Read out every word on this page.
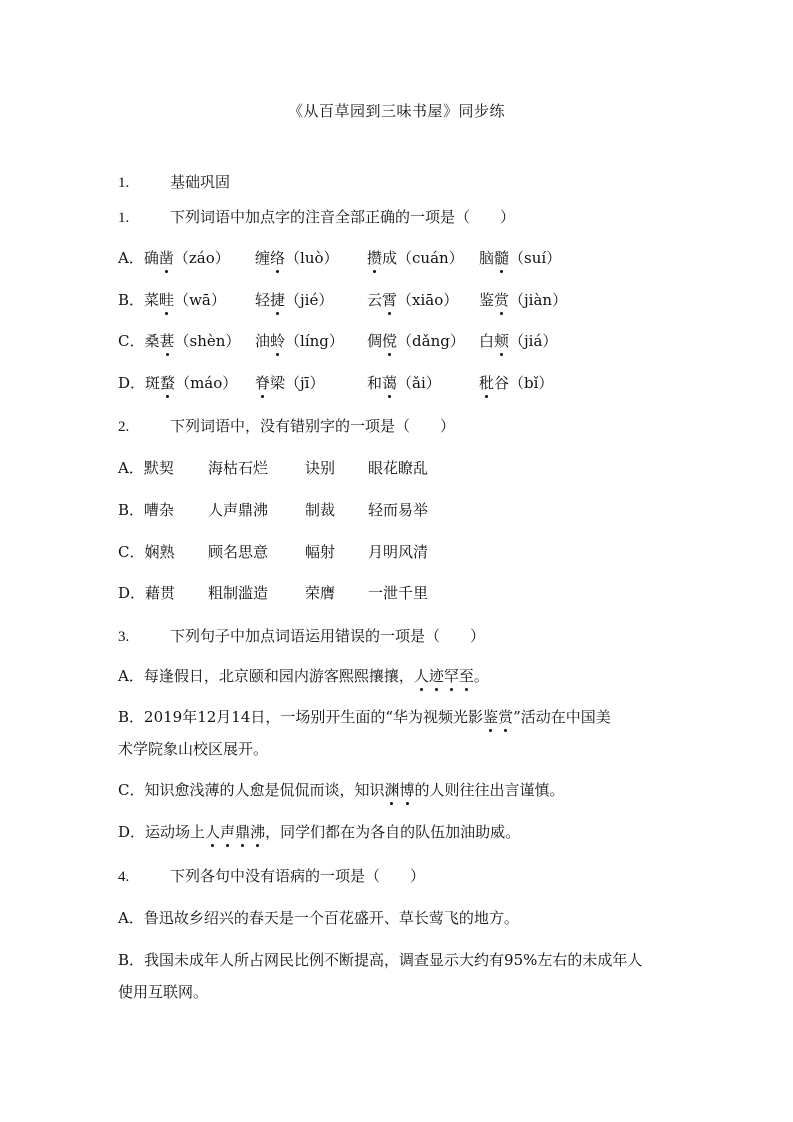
《从百草园到三味书屋》同步练
1.	基础巩固
1.	下列词语中加点字的注音全部正确的一项是（　　）
A．确凿（záo） 缠络（luò） 攒成（cuán） 脑髓（suí）
B．菜畦（wā） 轻捷（jié） 云霄（xiāo） 鉴赏（jiàn）
C．桑葚（shèn） 油蛉（líng） 倜傥（dǎng） 白颊（jiá）
D．斑蝥（máo） 脊梁（jī）	和蔼（ǎi）	秕谷（bǐ）
2.	下列词语中，没有错别字的一项是（　　）
A．默契 海枯石烂 诀别 眼花瞭乱
B．嘈杂 人声鼎沸 制裁 轻而易举
C．娴熟 顾名思意 幅射 月明风清
D．藉贯 粗制滥造 荣膺 一泄千里
3.	下列句子中加点词语运用错误的一项是（　　）
A．每逢假日，北京颐和园内游客熙熙攘攘，人迹罕至。
B．2019年12月14日，一场别开生面的“华为视频光影鉴赏”活动在中国美
术学院象山校区展开。
C．知识愈浅薄的人愈是侃侃而谈，知识渊博的人则往往出言谨慎。
D．运动场上人声鼎沸，同学们都在为各自的队伍加油助威。
4.	下列各句中没有语病的一项是（　　）
A．鲁迅故乡绍兴的春天是一个百花盛开、草长莺飞的地方。
B．我国未成年人所占网民比例不断提高，调查显示大约有95%左右的未成年人
使用互联网。
